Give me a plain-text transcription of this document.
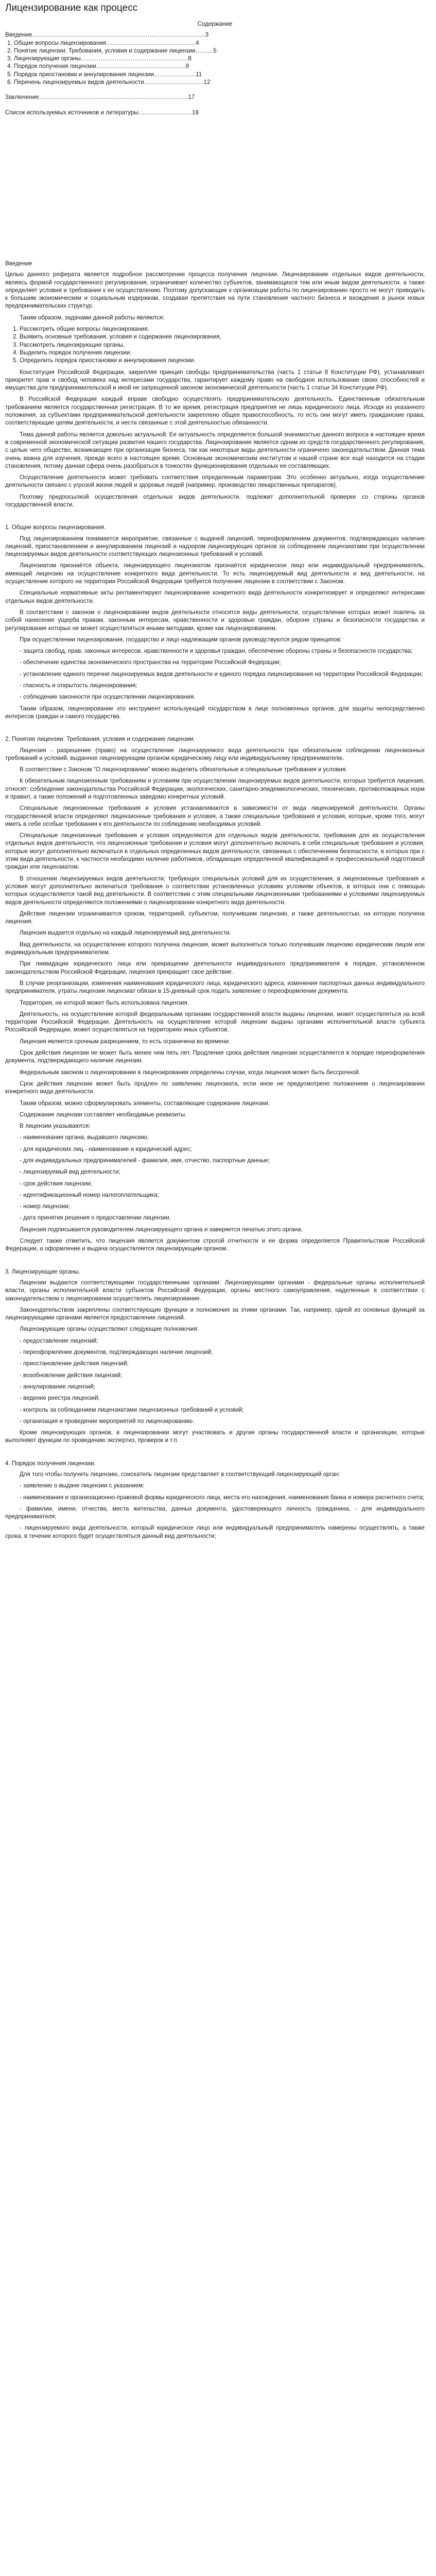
Лицензирование как процесс
Содержание
Введение……………………………………………………………………………3
1. Общие вопросы лицензирования………………………………………4
2. Понятие лицензии. Требования, условия и содержание лицензии………5
3. Лицензирующие органы………………………………………………8
4. Порядок получения лицензии………………………………………9
5. Порядок приостановки и аннулирования лицензии…………………11
6. Перечень лицензируемых видов деятельности…………………………12
Заключение…………………………………………………………………17
Список используемых источников и литературы………………………18
Введение

Целью данного реферата является подробное рассмотрение процесса получения лицензии. Лицензирование отдельных видов деятельности, являясь формой государственного регулирования, ограничивает количество субъектов, занимающихся тем или иным видом деятельности, а также определяет условия и требования к ее осуществлению. Поэтому допускающие к организации работы по лицензированию просто не могут приводить к большим экономическим и социальным издержкам, создавая препятствия на пути становления частного бизнеса и вхождения в рынок новых предпринимательских структур.

Таким образом, задачами данной работы являются:

1. Рассмотреть общие вопросы лицензирования.
2. Выявить основные требования, условия и содержание лицензирования,
3. Рассмотреть лицензирующие органы,
4. Выделить порядок получения лицензии.
5. Определить порядок приостановки и аннулирования лицензии.

Конституция Российской Федерации, закрепляя принцип свободы предпринимательства (часть 1 статьи 8 Конституции РФ), устанавливает приоритет прав и свобод человека над интересами государства, гарантирует каждому право на свободное использование своих способностей и имущества для предпринимательской и иной не запрещенной законом экономической деятельности (часть 1 статьи 34 Конституции РФ).

В Российской Федерации каждый вправе свободно осуществлять предпринимательскую деятельность. Единственным обязательным требованием является государственная регистрация. В то же время, регистрация предприятия не лишь юридического лица. Исходя из указанного положения, за субъектами предпринимательской деятельности закреплено общее правоспособность, то есть они могут иметь гражданские права, соответствующие целям деятельности, и нести связанные с этой деятельностью обязанности.

Тема данной работы является довольно актуальной. Ее актуальность определяется большой значимостью данного вопроса в настоящее время в современной экономической ситуации развития нашего государства. Лицензирование является одним из средств государственного регулирования, с целью чего общество, возникающее при организации бизнеса, так как некоторые виды деятельности ограничено законодательством. Данная тема очень важна для изучения, прежде всего в настоящее время. Основным экономическим институтом и нашей стране все ещё находится на стадии становления, потому данная сфера очень разобраться в тонкостях функционирования отдельных ее составляющих.

Осуществление деятельности может требовать соответствия определенным параметрам. Это особенно актуально, когда осуществление деятельности связано с угрозой жизни людей и здоровья людей (например, производство лекарственных препаратов).

Поэтому предпосылкой осуществления отдельных видов деятельности, подлежит дополнительной проверке со стороны органов государственной власти.

1. Общие вопросы лицензирования.

Под лицензированием понимается мероприятие, связанные с выдачей лицензий, переоформлением документов, подтверждающих наличие лицензий, приостановлением и аннулированием лицензий и надзором лицензирующих органов за соблюдением лицензиатами при осуществлении лицензируемых видов деятельности соответствующих лицензионных требований и условий.

Лицензиатом признаётся объекта, лицензирующего лицензиатом признаётся юридическое лицо или индивидуальный предприниматель, имеющий лицензию на осуществление конкретного вида деятельности. То есть лицензируемый вид деятельности и вид деятельности, на осуществление которого на территории Российской Федерации требуется получение лицензии в соответствии с Законом.

Специальные нормативные акты регламентируют лицензирование конкретного вида деятельности конкретизирует и определяют интересами отдельных видов деятельности.

В соответствии с законом о лицензировании видов деятельности относятся виды деятельности, осуществление которых может повлечь за собой нанесение ущерба правам, законным интересам, нравственности и здоровью граждан, обороне страны и безопасности государства и регулирование которых не может осуществляться иными методами, кроме как лицензированием.

При осуществлении лицензирования, государство и лицо надлежащим органов руководствуются рядом принципов:

- защита свобод, прав, законных интересов, нравственности и здоровья граждан, обеспечение обороны страны и безопасности государства;

- обеспечение единства экономического пространства на территории Российской Федерации;

- установление единого перечня лицензируемых видов деятельности и единого порядка лицензирования на территории Российской Федерации;

- гласность и открытость лицензирования;

- соблюдение законности при осуществлении лицензирования.

Таким образом, лицензирование это инструмент использующий государством в лице полномочных органов, для защиты непосредственно интересов граждан и самого государства.

2. Понятие лицензии. Требования, условия и содержание лицензии.

Лицензия - разрешение (право) на осуществление лицензируемого вида деятельности при обязательном соблюдении лицензионных требований и условий, выданное лицензирующим органом юридическому лицу или индивидуальному предпринимателю.

В соответствии с Законом "О лицензировании" можно выделить обязательные и специальные требования и условия.

К обязательным лицензионным требованиям и условиям при осуществлении лицензируемых видов деятельности, которых требуется лицензия, относят: соблюдение законодательства Российской Федерации, экологических, санитарно-эпидемиологических, технических, противопожарных норм и правил, а также положений и подготовленных заведомо конкретных условий.

Специальные лицензионные требования и условия устанавливаются в зависимости от вида лицензируемой деятельности. Органы государственной власти определяют лицензионные требования и условия, а также специальные требования и условия, которые, кроме того, могут иметь в себе особые требования к его деятельности по соблюдению необходимых условий.

Специальные лицензионные требования и условия определяются для отдельных видов деятельности, требования для их осуществления отдельных видов деятельности, что лицензионные требования и условия могут дополнительно включать в себя специальные требования и условия, которые могут дополнительно включаться в отдельных определенных видов деятельности, связанных с обеспечением безопасности, в которых при с этим вида деятельности, к частности необходимо наличие работников, обладающих определенной квалификацией и профессиональной подготовкой граждан или лицензиатом.

В отношении лицензируемых видов деятельности, требующих специальных условий для их осуществления, в лицензионные требования и условия могут дополнительно включаться требования о соответствии установленных условиях условиям объектов, в которых они с помощью которых осуществляется такой вид деятельности. В соответствии с этим специальными лицензионными требованиями и условиями лицензируемых видов деятельности определяются положениями о лицензировании конкретного вида деятельности.

Действие лицензии ограничивается сроком, территорией, субъектом, получившим лицензию, и также деятельностью, на которую получена лицензия.

Лицензия выдается отдельно на каждый лицензируемый вид деятельности.

Вид деятельности, на осуществление которого получена лицензия, может выполняться только получившим лицензию юридическим лицом или индивидуальным предпринимателем.

При ликвидации юридического лица или прекращении деятельности индивидуального предпринимателя в порядке, установленном законодательством Российской Федерации, лицензия прекращает свое действие.

В случае реорганизации, изменения наименования юридического лица, юридического адреса, изменения паспортных данных индивидуального предпринимателя, утраты лицензии лицензиат обязан в 15-дневный срок подать заявление о переоформлении документа.

Территория, на которой может быть использована лицензия.

Деятельность, на осуществление которой федеральными органами государственной власти выданы лицензии, может осуществляться на всей территории Российской Федерации. Деятельность на осуществление которой лицензии выданы органами исполнительной власти субъекта Российской Федерации, может осуществляться на территориях иных субъектов.

Лицензия является срочным разрешением, то есть ограничена во времени.

Срок действия лицензии не может быть менее чем пять лет. Продление срока действия лицензии осуществляется в порядке переоформления документа, подтверждающего наличие лицензии.

Федеральным законом о лицензировании в лицензировании определены случаи, когда лицензия может быть бессрочной.

Срок действия лицензии может быть продлен по заявлению лицензиата, если иное не предусмотрено положением о лицензировании конкретного вида деятельности.

Таким образом, можно сформулировать элементы, составляющие содержание лицензии.

Содержание лицензии составляет необходимые реквизиты.

В лицензии указываются:

- наименование органа, выдавшего лицензию;

- для юридических лиц - наименование и юридический адрес;

- для индивидуальных предпринимателей - фамилия, имя, отчество, паспортные данные;

- лицензируемый вид деятельности;

- срок действия лицензии;

- идентификационный номер налогоплательщика;

- номер лицензии;

- дата принятия решения о предоставлении лицензии.

Лицензия подписывается руководителем лицензирующего органа и заверяется печатью этого органа.

Следует также отметить, что лицензия является документом строгой отчетности и ее форма определяется Правительством Российской Федерации, а оформление и выдача осуществляется лицензирующим органом.

3. Лицензирующие органы.

Лицензии выдаются соответствующими государственными органами. Лицензирующими органами - федеральные органы исполнительной власти, органы исполнительной власти субъектов Российской Федерации, органы местного самоуправления, наделенные в соответствии с законодательством о лицензировании осуществлять лицензирование.

Законодательством закреплены соответствующие функции и полномочия за этими органами. Так, например, одной из основных функций за лицензирующими органами является предоставление лицензий.

Лицензирующие органы осуществляют следующие полномочия:

- предоставление лицензий;

- переоформление документов, подтверждающих наличие лицензий;

- приостановление действия лицензий;

- возобновление действия лицензий;

- аннулирование лицензий;

- ведение реестра лицензий;

- контроль за соблюдением лицензиатами лицензионных требований и условий;

- организация и проведение мероприятий по лицензированию.

Кроме лицензирующих органов, в лицензировании могут участвовать и другие органы государственной власти и организации, которые выполняют функции по проведению экспертиз, проверок и т.п.

4. Порядок получения лицензии.

Для того чтобы получить лицензию, соискатель лицензии представляет в соответствующий лицензирующий орган:

- заявление о выдаче лицензии с указанием:

- наименования и организационно-правовой формы юридического лица, места его нахождения, наименования банка и номера расчетного счета;

- фамилии, имени, отчества, места жительства, данных документа, удостоверяющего личность гражданина, - для индивидуального предпринимателя;

- лицензируемого вида деятельности, который юридическое лицо или индивидуальный предприниматель намерены осуществлять, а также срока, в течение которого будет осуществляться данный вид деятельности;
